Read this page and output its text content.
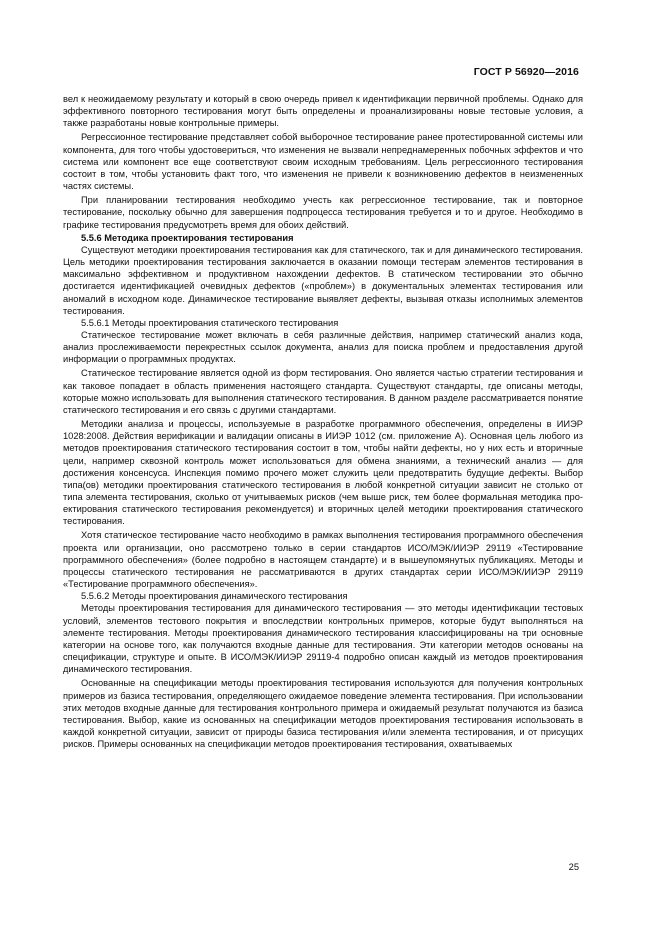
ГОСТ Р 56920—2016

вел к неожидаемому результату и который в свою очередь привел к идентификации первичной проблемы. Однако для эффективного повторного тестирования могут быть определены и проанализированы новые тестовые условия, а также разработаны новые контрольные примеры.

Регрессионное тестирование представляет собой выборочное тестирование ранее протестированной системы или компонента, для того чтобы удостовериться, что изменения не вызвали непреднамеренных побочных эффектов и что система или компонент все еще соответствуют своим исходным требованиям. Цель регрессионного тестирования состоит в том, чтобы установить факт того, что изменения не привели к возникновению дефектов в неизмененных частях системы.

При планировании тестирования необходимо учесть как регрессионное тестирование, так и повторное тестирование, поскольку обычно для завершения подпроцесса тестирования требуется и то и другое. Необходимо в графике тестирования предусмотреть время для обоих действий.

5.5.6 Методика проектирования тестирования

Существуют методики проектирования тестирования как для статического, так и для динамического тестирования. Цель методики проектирования тестирования заключается в оказании помощи тестерам элементов тестирования в максимально эффективном и продуктивном нахождении дефектов. В статическом тестировании это обычно достигается идентификацией очевидных дефектов («проблем») в документальных элементах тестирования или аномалий в исходном коде. Динамическое тестирование выявляет дефекты, вызывая отказы исполнимых элементов тестирования.

5.5.6.1 Методы проектирования статического тестирования

Статическое тестирование может включать в себя различные действия, например статический анализ кода, анализ прослеживаемости перекрестных ссылок документа, анализ для поиска проблем и предоставления другой информации о программных продуктах.

Статическое тестирование является одной из форм тестирования. Оно является частью стратегии тестирования и как таковое попадает в область применения настоящего стандарта. Существуют стандарты, где описаны методы, которые можно использовать для выполнения статического тестирования. В данном разделе рассматривается понятие статического тестирования и его связь с другими стандартами.

Методики анализа и процессы, используемые в разработке программного обеспечения, определены в ИИЭР 1028:2008. Действия верификации и валидации описаны в ИИЭР 1012 (см. приложение А). Основная цель любого из методов проектирования статического тестирования состоит в том, чтобы найти дефекты, но у них есть и вторичные цели, например сквозной контроль может использоваться для обмена знаниями, а технический анализ — для достижения консенсуса. Инспекция помимо прочего может служить цели предотвратить будущие дефекты. Выбор типа(ов) методики проектирования статического тестирования в любой конкретной ситуации зависит не столько от типа элемента тестирования, сколько от учитываемых рисков (чем выше риск, тем более формальная методика проектирования статического тестирования рекомендуется) и вторичных целей методики проектирования статического тестирования.

Хотя статическое тестирование часто необходимо в рамках выполнения тестирования программного обеспечения проекта или организации, оно рассмотрено только в серии стандартов ИСО/МЭК/ИИЭР 29119 «Тестирование программного обеспечения» (более подробно в настоящем стандарте) и в вышеупомянутых публикациях. Методы и процессы статического тестирования не рассматриваются в других стандартах серии ИСО/МЭК/ИИЭР 29119 «Тестирование программного обеспечения».

5.5.6.2 Методы проектирования динамического тестирования

Методы проектирования тестирования для динамического тестирования — это методы идентификации тестовых условий, элементов тестового покрытия и впоследствии контрольных примеров, которые будут выполняться на элементе тестирования. Методы проектирования динамического тестирования классифицированы на три основные категории на основе того, как получаются входные данные для тестирования. Эти категории методов основаны на спецификации, структуре и опыте. В ИСО/МЭК/ИИЭР 29119-4 подробно описан каждый из методов проектирования динамического тестирования.

Основанные на спецификации методы проектирования тестирования используются для получения контрольных примеров из базиса тестирования, определяющего ожидаемое поведение элемента тестирования. При использовании этих методов входные данные для тестирования контрольного примера и ожидаемый результат получаются из базиса тестирования. Выбор, какие из основанных на спецификации методов проектирования тестирования использовать в каждой конкретной ситуации, зависит от природы базиса тестирования и/или элемента тестирования, и от присущих рисков. Примеры основанных на спецификации методов проектирования тестирования, охватываемых

25
